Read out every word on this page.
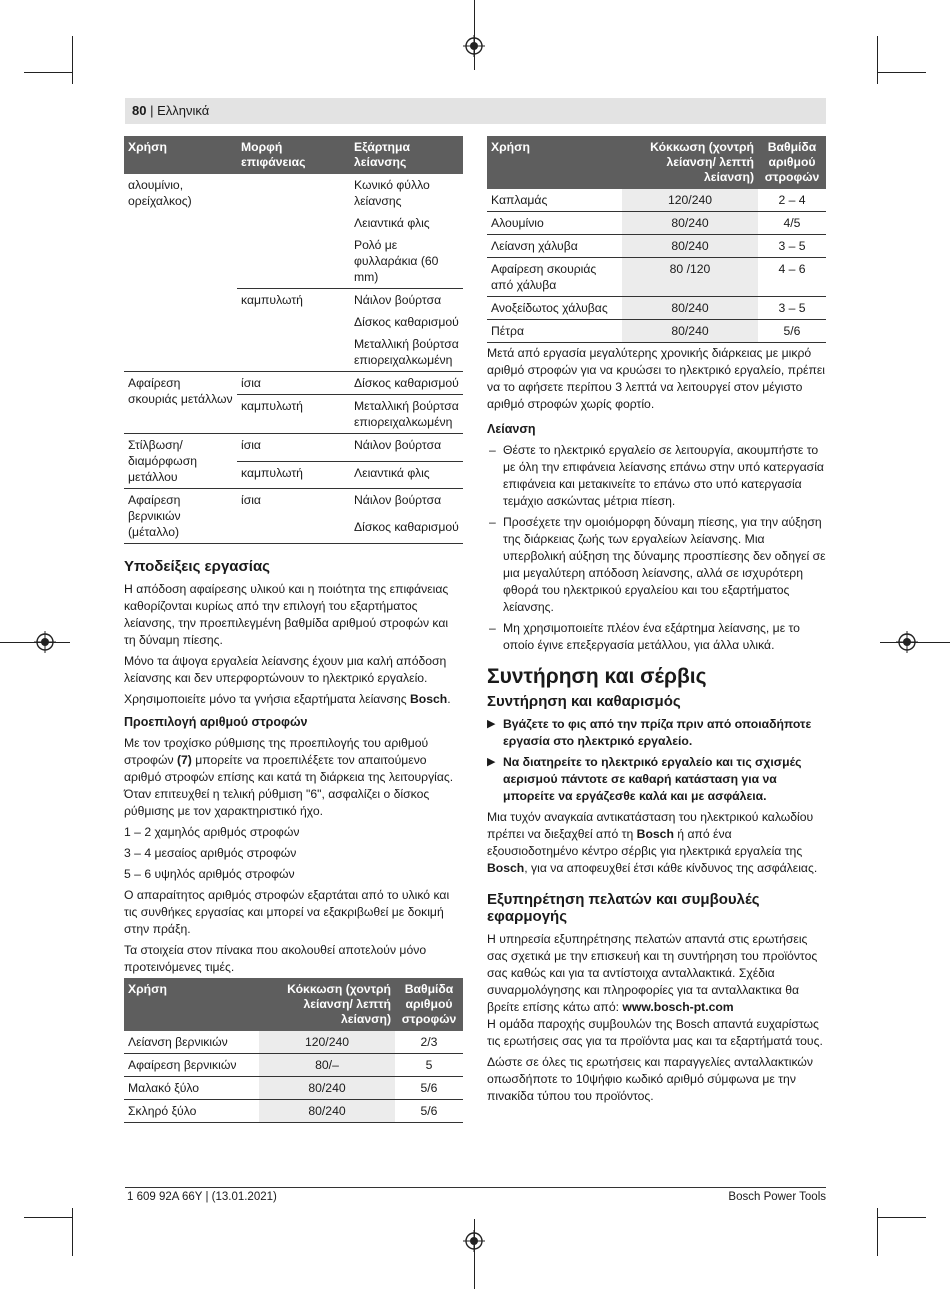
80 | Ελληνικά
Χρήση	Μορφή επιφάνειας	Εξάρτημα λείανσης
αλουμίνιο, ορείχαλκος)		Κωνικό φύλλο λείανσης
		Λειαντικά φλις
		Ρολό με φυλλαράκια (60 mm)
	καμπυλωτή	Νάιλον βούρτσα
		Δίσκος καθαρισμού
		Μεταλλική βούρτσα επιορειχαλκωμένη
Αφαίρεση σκουριάς μετάλλων	ίσια	Δίσκος καθαρισμού
	καμπυλωτή	Μεταλλική βούρτσα επιορειχαλκωμένη
Στίλβωση/ διαμόρφωση μετάλλου	ίσια	Νάιλον βούρτσα
	καμπυλωτή	Λειαντικά φλις
Αφαίρεση βερνικιών (μέταλλο)	ίσια	Νάιλον βούρτσα
		Δίσκος καθαρισμού
Υποδείξεις εργασίας

Η απόδοση αφαίρεσης υλικού και η ποιότητα της επιφάνειας καθορίζονται κυρίως από την επιλογή του εξαρτήματος λείανσης, την προεπιλεγμένη βαθμίδα αριθμού στροφών και τη δύναμη πίεσης.

Μόνο τα άψογα εργαλεία λείανσης έχουν μια καλή απόδοση λείανσης και δεν υπερφορτώνουν το ηλεκτρικό εργαλείο.

Χρησιμοποιείτε μόνο τα γνήσια εξαρτήματα λείανσης Bosch.

Προεπιλογή αριθμού στροφών

Με τον τροχίσκο ρύθμισης της προεπιλογής του αριθμού στροφών (7) μπορείτε να προεπιλέξετε τον απαιτούμενο αριθμό στροφών επίσης και κατά τη διάρκεια της λειτουργίας. Όταν επιτευχθεί η τελική ρύθμιση "6", ασφαλίζει ο δίσκος ρύθμισης με τον χαρακτηριστικό ήχο.

1 – 2 χαμηλός αριθμός στροφών

3 – 4 μεσαίος αριθμός στροφών

5 – 6 υψηλός αριθμός στροφών

Ο απαραίτητος αριθμός στροφών εξαρτάται από το υλικό και τις συνθήκες εργασίας και μπορεί να εξακριβωθεί με δοκιμή στην πράξη.

Τα στοιχεία στον πίνακα που ακολουθεί αποτελούν μόνο προτεινόμενες τιμές.

Χρήση	Κόκκωση (χοντρή λείανση/ λεπτή λείανση)	Βαθμίδα αριθμού στροφών
Λείανση βερνικιών	120/240	2/3
Αφαίρεση βερνικιών	80/–	5
Μαλακό ξύλο	80/240	5/6
Σκληρό ξύλο	80/240	5/6
Χρήση	Κόκκωση (χοντρή λείανση/ λεπτή λείανση)	Βαθμίδα αριθμού στροφών
Καπλαμάς	120/240	2 – 4
Αλουμίνιο	80/240	4/5
Λείανση χάλυβα	80/240	3 – 5
Αφαίρεση σκουριάς από χάλυβα	80 /120	4 – 6
Ανοξείδωτος χάλυβας	80/240	3 – 5
Πέτρα	80/240	5/6

Μετά από εργασία μεγαλύτερης χρονικής διάρκειας με μικρό αριθμό στροφών για να κρυώσει το ηλεκτρικό εργαλείο, πρέπει να το αφήσετε περίπου 3 λεπτά να λειτουργεί στον μέγιστο αριθμό στροφών χωρίς φορτίο.

Λείανση
– Θέστε το ηλεκτρικό εργαλείο σε λειτουργία, ακουμπήστε το με όλη την επιφάνεια λείανσης επάνω στην υπό κατεργασία επιφάνεια και μετακινείτε το επάνω στο υπό κατεργασία τεμάχιο ασκώντας μέτρια πίεση.
– Προσέχετε την ομοιόμορφη δύναμη πίεσης, για την αύξηση της διάρκειας ζωής των εργαλείων λείανσης. Μια υπερβολική αύξηση της δύναμης προσπίεσης δεν οδηγεί σε μια μεγαλύτερη απόδοση λείανσης, αλλά σε ισχυρότερη φθορά του ηλεκτρικού εργαλείου και του εξαρτήματος λείανσης.
– Μη χρησιμοποιείτε πλέον ένα εξάρτημα λείανσης, με το οποίο έγινε επεξεργασία μετάλλου, για άλλα υλικά.
Συντήρηση και σέρβις
Συντήρηση και καθαρισμός
▶ Βγάζετε το φις από την πρίζα πριν από οποιαδήποτε εργασία στο ηλεκτρικό εργαλείο.
▶ Να διατηρείτε το ηλεκτρικό εργαλείο και τις σχισμές αερισμού πάντοτε σε καθαρή κατάσταση για να μπορείτε να εργάζεσθε καλά και με ασφάλεια.

Μια τυχόν αναγκαία αντικατάσταση του ηλεκτρικού καλωδίου πρέπει να διεξαχθεί από τη Bosch ή από ένα εξουσιοδοτημένο κέντρο σέρβις για ηλεκτρικά εργαλεία της Bosch, για να αποφευχθεί έτσι κάθε κίνδυνος της ασφάλειας.

Εξυπηρέτηση πελατών και συμβουλές εφαρμογής

Η υπηρεσία εξυπηρέτησης πελατών απαντά στις ερωτήσεις σας σχετικά με την επισκευή και τη συντήρηση του προϊόντος σας καθώς και για τα αντίστοιχα ανταλλακτικά. Σχέδια συναρμολόγησης και πληροφορίες για τα ανταλλακτικα θα βρείτε επίσης κάτω από: www.bosch-pt.com

Η ομάδα παροχής συμβουλών της Bosch απαντά ευχαρίστως τις ερωτήσεις σας για τα προϊόντα μας και τα εξαρτήματά τους.

Δώστε σε όλες τις ερωτήσεις και παραγγελίες ανταλλακτικών οπωσδήποτε το 10ψήφιο κωδικό αριθμό σύμφωνα με την πινακίδα τύπου του προϊόντος.

1 609 92A 66Y | (13.01.2021)	Bosch Power Tools
